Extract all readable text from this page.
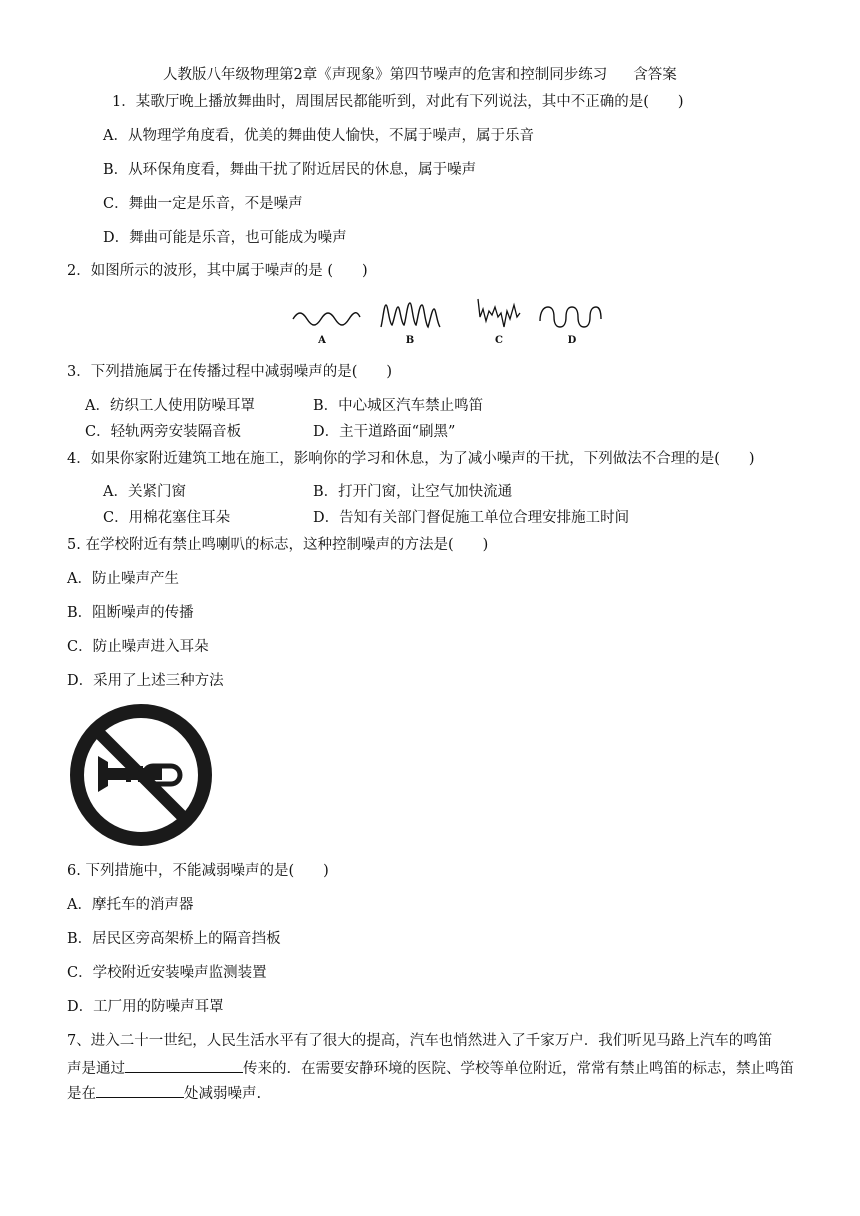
人教版八年级物理第2章《声现象》第四节噪声的危害和控制同步练习 含答案
1．某歌厅晚上播放舞曲时，周围居民都能听到，对此有下列说法，其中不正确的是(　　)
A．从物理学角度看，优美的舞曲使人愉快，不属于噪声，属于乐音
B．从环保角度看，舞曲干扰了附近居民的休息，属于噪声
C．舞曲一定是乐音，不是噪声
D．舞曲可能是乐音，也可能成为噪声
2．如图所示的波形，其中属于噪声的是 (　　)
A	B	C	D
3．下列措施属于在传播过程中减弱噪声的是(　　)
A．纺织工人使用防噪耳罩	B．中心城区汽车禁止鸣笛
C．轻轨两旁安装隔音板	D．主干道路面“刷黑”
4．如果你家附近建筑工地在施工，影响你的学习和休息，为了减小噪声的干扰，下列做法不合理的是(　　)
A．关紧门窗	B．打开门窗，让空气加快流通
C．用棉花塞住耳朵	D．告知有关部门督促施工单位合理安排施工时间
5. 在学校附近有禁止鸣喇叭的标志，这种控制噪声的方法是(　　)
A．防止噪声产生
B．阻断噪声的传播
C．防止噪声进入耳朵
D．采用了上述三种方法
6. 下列措施中，不能减弱噪声的是(　　)
A．摩托车的消声器
B．居民区旁高架桥上的隔音挡板
C．学校附近安装噪声监测装置
D．工厂用的防噪声耳罩
7、进入二十一世纪，人民生活水平有了很大的提高，汽车也悄然进入了千家万户．我们听见马路上汽车的鸣笛
声是通过	传来的．在需要安静环境的医院、学校等单位附近，常常有禁止鸣笛的标志，禁止鸣笛
是在	处减弱噪声.
